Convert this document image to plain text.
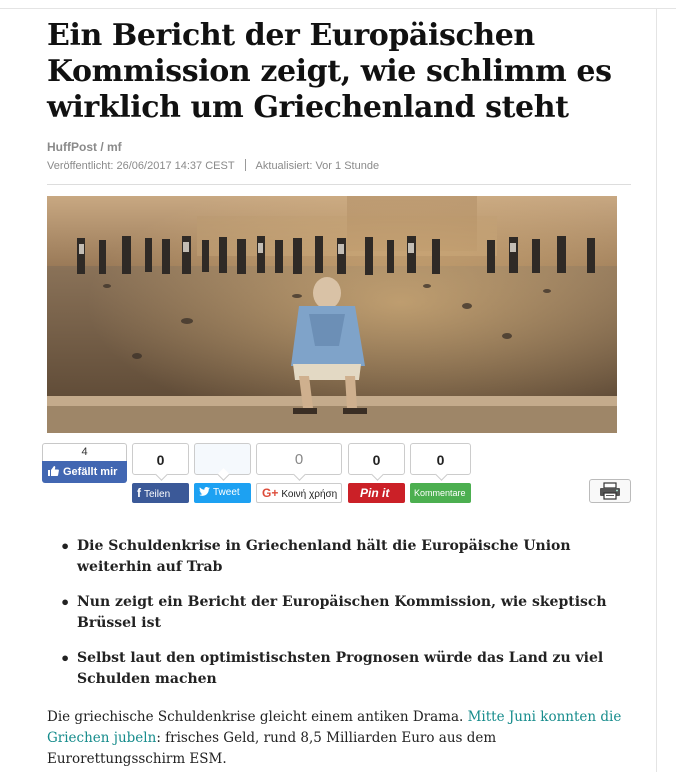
Ein Bericht der Europäischen Kommission zeigt, wie schlimm es wirklich um Griechenland steht
HuffPost / mf
Veröffentlicht: 26/06/2017 14:37 CEST Aktualisiert: Vor 1 Stunde
4
Gefällt mir
0
f Teilen	Tweet
0
G+ Κοινή χρήση
0
Pin it
0
Kommentare
• Die Schuldenkrise in Griechenland hält die Europäische Union weiterhin auf Trab
• Nun zeigt ein Bericht der Europäischen Kommission, wie skeptisch Brüssel ist
• Selbst laut den optimistischsten Prognosen würde das Land zu viel Schulden machen

Die griechische Schuldenkrise gleicht einem antiken Drama. Mitte Juni konnten die Griechen jubeln: frisches Geld, rund 8,5 Milliarden Euro aus dem Eurorettungsschirm ESM.
